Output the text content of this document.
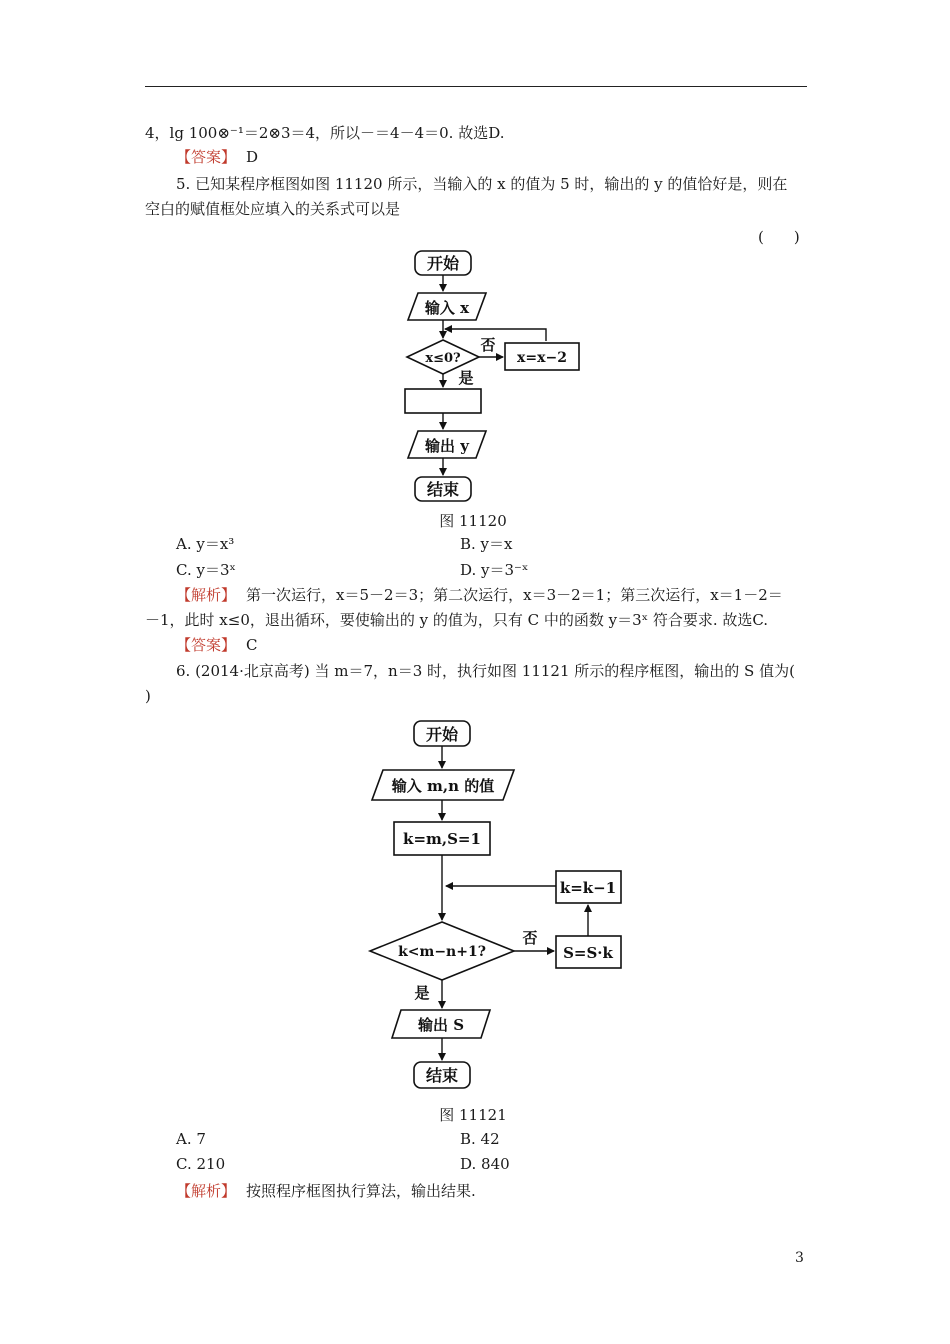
4，lg 100⊗⁻¹＝2⊗3＝4，所以－＝4－4＝0. 故选D.
【答案】 D
5. 已知某程序框图如图 11120 所示，当输入的 x 的值为 5 时，输出的 y 的值恰好是，则在
空白的赋值框处应填入的关系式可以是
(　　)
开始
输入 x
x≤0?
否
x=x−2
是
输出 y
结束
开始
输入 m,n 的值
k=m,S=1
k=k−1
k<m−n+1?
否
S=S·k
是
输出 S
结束
图 11120
A. y＝x³	B. y＝x
C. y＝3ˣ	D. y＝3⁻ˣ
【解析】 第一次运行，x＝5－2＝3；第二次运行，x＝3－2＝1；第三次运行，x＝1－2＝
－1，此时 x≤0，退出循环，要使输出的 y 的值为，只有 C 中的函数 y＝3ˣ 符合要求. 故选C.
【答案】 C
6. (2014·北京高考) 当 m＝7，n＝3 时，执行如图 11121 所示的程序框图，输出的 S 值为(
)
图 11121
A. 7	B. 42
C. 210	D. 840
【解析】 按照程序框图执行算法，输出结果.
3
